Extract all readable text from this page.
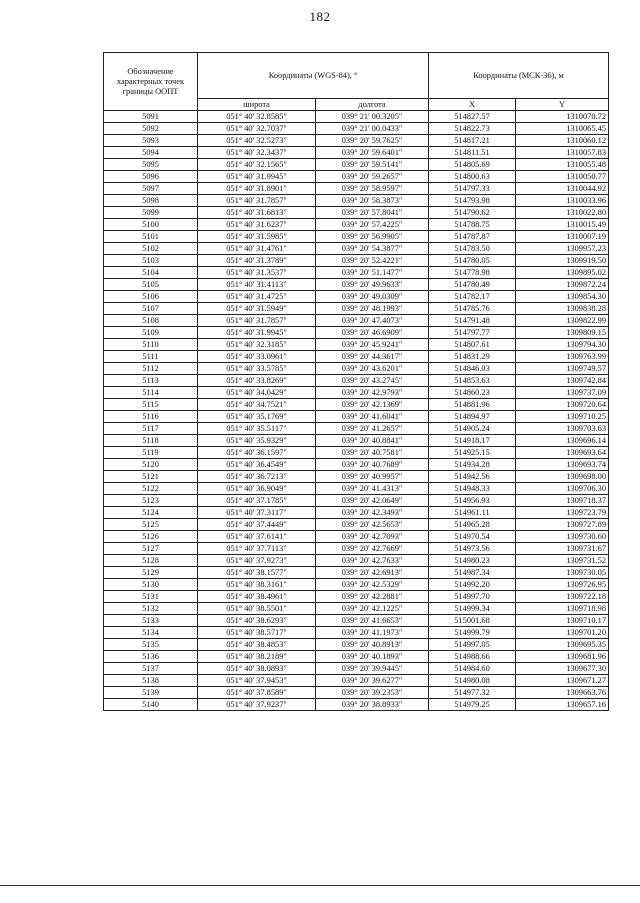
182
Обозначение характерных точек границы ООПТ	Координаты (WGS-84), °		Координаты (МСК-36), м	
	широта	долгота	X	Y
5091	051° 40' 32.8585"	039° 21' 00.3205"	514827.57	1310070.72
5092	051° 40' 32.7037"	039° 21' 00.0433"	514822.73	1310065.45
5093	051° 40' 32.5273"	039° 20' 59.7625"	514817.21	1310060.12
5094	051° 40' 32.3437"	039° 20' 59.6401"	514811.51	1310057.83
5095	051° 40' 32.1565"	039° 20' 59.5141"	514805.69	1310055.48
5096	051° 40' 31.9945"	039° 20' 59.2657"	514800.63	1310050.77
5097	051° 40' 31.8901"	039° 20' 58.9597"	514797.33	1310044.92
5098	051° 40' 31.7857"	039° 20' 58.3873"	514793.98	1310033.96
5099	051° 40' 31.6813"	039° 20' 57.8041"	514790.62	1310022.80
5100	051° 40' 31.6237"	039° 20' 57.4225"	514788.75	1310015.49
5101	051° 40' 31.5985"	039° 20' 56.9905"	514787.87	1310007.19
5102	051° 40' 31.4761"	039° 20' 54.3877"	514783.50	1309957.23
5103	051° 40' 31.3789"	039° 20' 52.4221"	514780.05	1309919.50
5104	051° 40' 31.3537"	039° 20' 51.1477"	514778.98	1309895.02
5105	051° 40' 31.4113"	039° 20' 49.9633"	514780.49	1309872.24
5106	051° 40' 31.4725"	039° 20' 49.0309"	514782.17	1309854.30
5107	051° 40' 31.5949"	039° 20' 48.1993"	514785.76	1309838.28
5108	051° 40' 31.7857"	039° 20' 47.4073"	514791.48	1309822.99
5109	051° 40' 31.9945"	039° 20' 46.6909"	514797.77	1309809.15
5110	051° 40' 32.3185"	039° 20' 45.9241"	514807.61	1309794.30
5111	051° 40' 33.0961"	039° 20' 44.3617"	514831.29	1309763.99
5112	051° 40' 33.5785"	039° 20' 43.6201"	514846.03	1309749.57
5113	051° 40' 33.8269"	039° 20' 43.2745"	514853.63	1309742.84
5114	051° 40' 34.0429"	039° 20' 42.9793"	514860.23	1309737.09
5115	051° 40' 34.7521"	039° 20' 42.1369"	514881.96	1309720.64
5116	051° 40' 35.1769"	039° 20' 41.6041"	514894.97	1309710.25
5117	051° 40' 35.5117"	039° 20' 41.2657"	514905.24	1309703.63
5118	051° 40' 35.9329"	039° 20' 40.8841"	514918.17	1309696.14
5119	051° 40' 36.1597"	039° 20' 40.7581"	514925.15	1309693.64
5120	051° 40' 36.4549"	039° 20' 40.7689"	514934.28	1309693.74
5121	051° 40' 36.7213"	039° 20' 40.9957"	514942.56	1309698.00
5122	051° 40' 36.9049"	039° 20' 41.4313"	514948.33	1309706.30
5123	051° 40' 37.1785"	039° 20' 42.0649"	514956.93	1309718.37
5124	051° 40' 37.3117"	039° 20' 42.3493"	514961.11	1309723.79
5125	051° 40' 37.4449"	039° 20' 42.5653"	514965.28	1309727.89
5126	051° 40' 37.6141"	039° 20' 42.7093"	514970.54	1309730.60
5127	051° 40' 37.7113"	039° 20' 42.7669"	514973.56	1309731.67
5128	051° 40' 37.9273"	039° 20' 42.7633"	514980.23	1309731.52
5129	051° 40' 38.1577"	039° 20' 42.6913"	514987.34	1309730.05
5130	051° 40' 38.3161"	039° 20' 42.5329"	514992.20	1309726.95
5131	051° 40' 38.4961"	039° 20' 42.2881"	514997.70	1309722.18
5132	051° 40' 38.5501"	039° 20' 42.1225"	514999.34	1309718.98
5133	051° 40' 38.6293"	039° 20' 41.6653"	515001.68	1309710.17
5134	051° 40' 38.5717"	039° 20' 41.1973"	514999.79	1309701.20
5135	051° 40' 38.4853"	039° 20' 40.8913"	514997.05	1309695.35
5136	051° 40' 38.2189"	039° 20' 40.1893"	514988.66	1309681.96
5137	051° 40' 38.0893"	039° 20' 39.9445"	514984.60	1309677.30
5138	051° 40' 37.9453"	039° 20' 39.6277"	514980.08	1309671.27
5139	051° 40' 37.8589"	039° 20' 39.2353"	514977.32	1309663.76
5140	051° 40' 37.9237"	039° 20' 38.8933"	514979.25	1309657.16
